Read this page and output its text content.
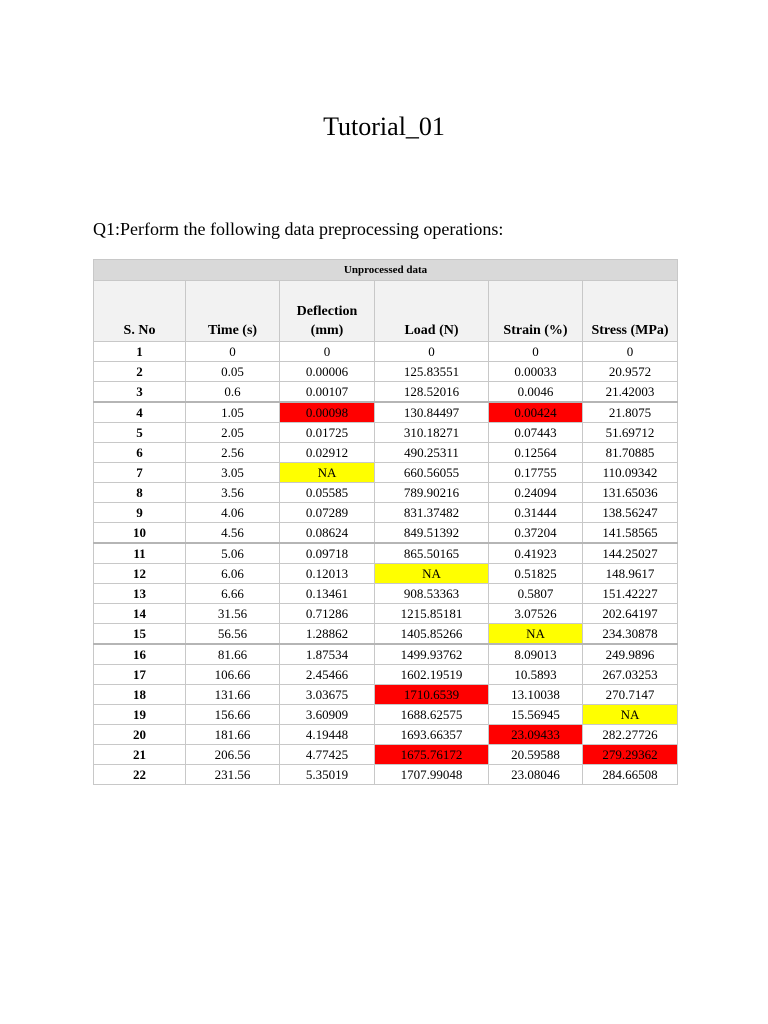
Tutorial_01
Q1:Perform the following data preprocessing operations:
Unprocessed data					
S. No	Time (s)	Deflection (mm)	Load (N)	Strain (%)	Stress (MPa)
1	0	0	0	0	0
2	0.05	0.00006	125.83551	0.00033	20.9572
3	0.6	0.00107	128.52016	0.0046	21.42003
4	1.05	0.00098	130.84497	0.00424	21.8075
5	2.05	0.01725	310.18271	0.07443	51.69712
6	2.56	0.02912	490.25311	0.12564	81.70885
7	3.05	NA	660.56055	0.17755	110.09342
8	3.56	0.05585	789.90216	0.24094	131.65036
9	4.06	0.07289	831.37482	0.31444	138.56247
10	4.56	0.08624	849.51392	0.37204	141.58565
11	5.06	0.09718	865.50165	0.41923	144.25027
12	6.06	0.12013	NA	0.51825	148.9617
13	6.66	0.13461	908.53363	0.5807	151.42227
14	31.56	0.71286	1215.85181	3.07526	202.64197
15	56.56	1.28862	1405.85266	NA	234.30878
16	81.66	1.87534	1499.93762	8.09013	249.9896
17	106.66	2.45466	1602.19519	10.5893	267.03253
18	131.66	3.03675	1710.6539	13.10038	270.7147
19	156.66	3.60909	1688.62575	15.56945	NA
20	181.66	4.19448	1693.66357	23.09433	282.27726
21	206.56	4.77425	1675.76172	20.59588	279.29362
22	231.56	5.35019	1707.99048	23.08046	284.66508
